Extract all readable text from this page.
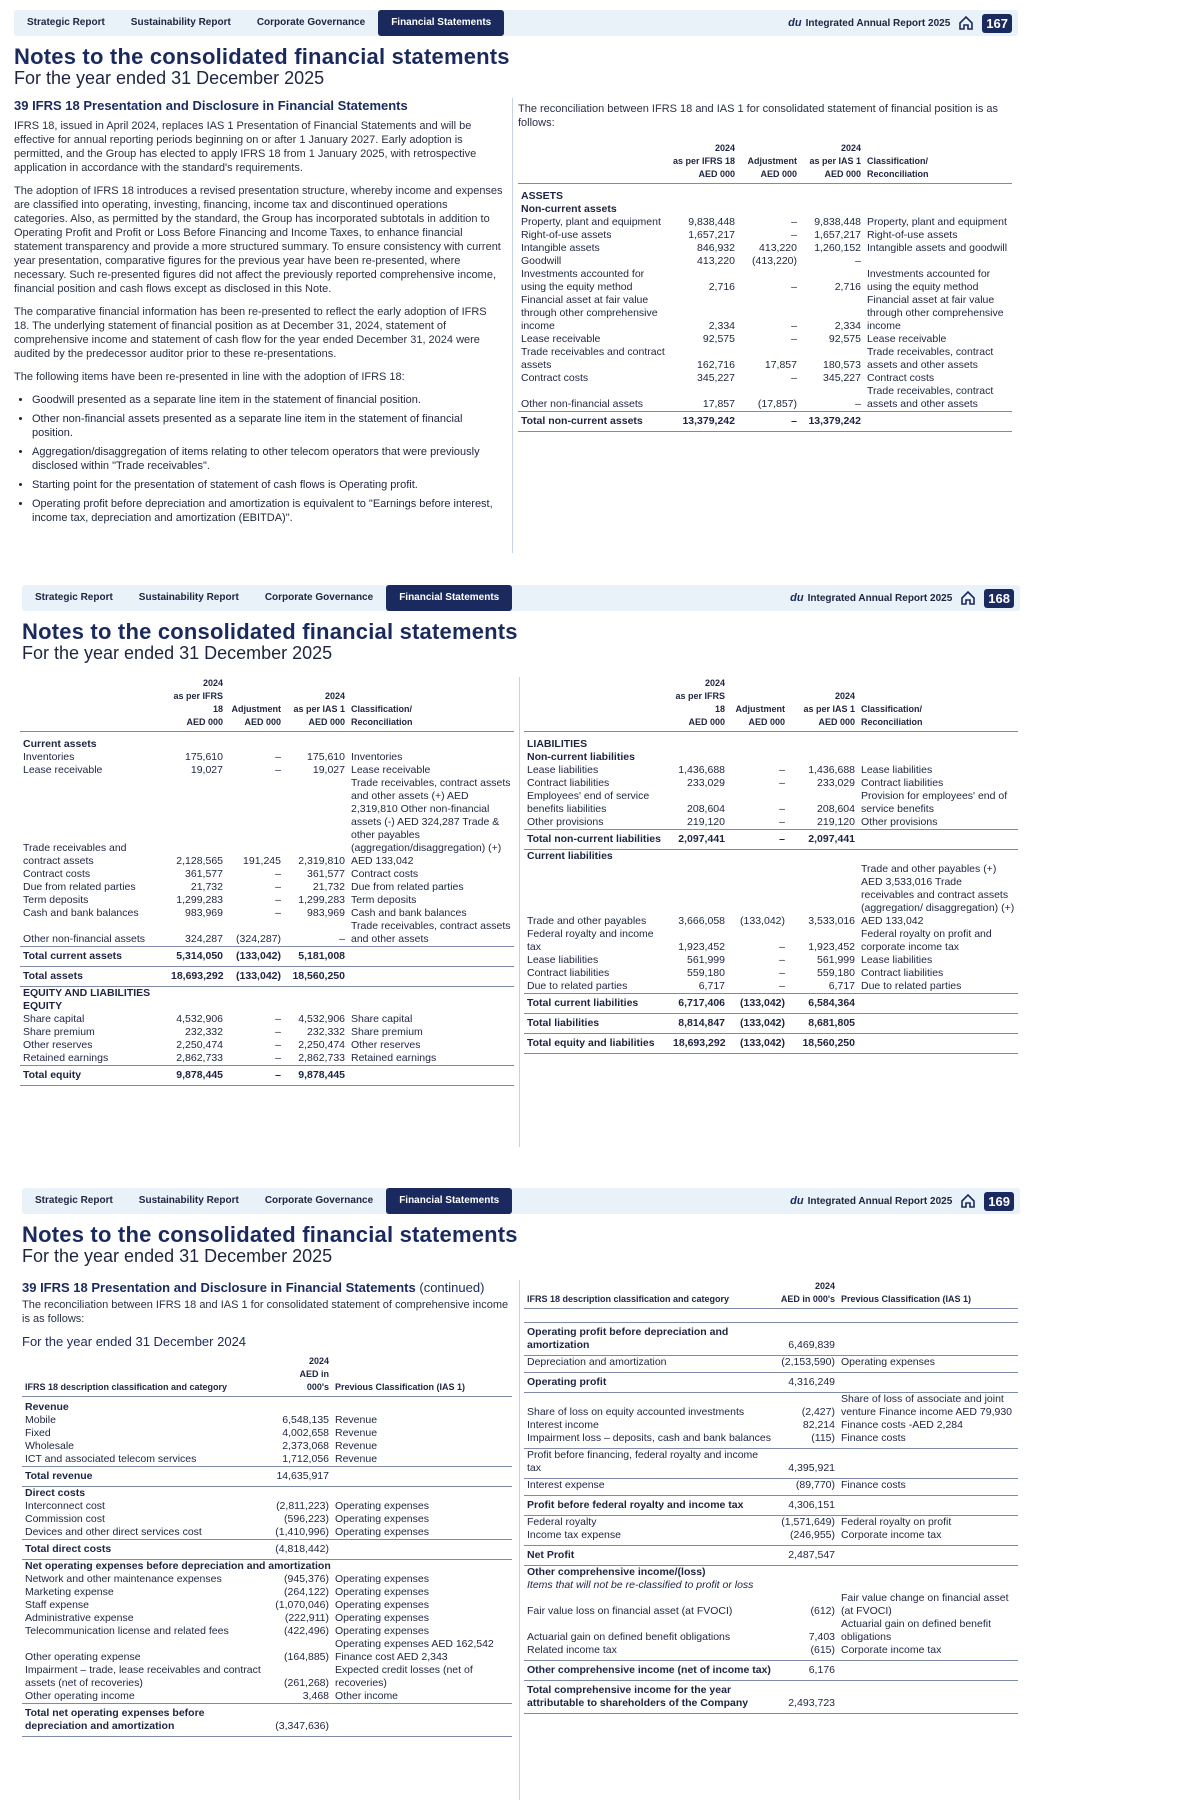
Strategic Report	Sustainability Report	Corporate Governance	Financial Statements	du Integrated Annual Report 2025	167
Notes to the consolidated financial statements
For the year ended 31 December 2025
39 IFRS 18 Presentation and Disclosure in Financial Statements

IFRS 18, issued in April 2024, replaces IAS 1 Presentation of Financial Statements and will be effective for annual reporting periods beginning on or after 1 January 2027. Early adoption is permitted, and the Group has elected to apply IFRS 18 from 1 January 2025, with retrospective application in accordance with the standard's requirements.

The adoption of IFRS 18 introduces a revised presentation structure, whereby income and expenses are classified into operating, investing, financing, income tax and discontinued operations categories. Also, as permitted by the standard, the Group has incorporated subtotals in addition to Operating Profit and Profit or Loss Before Financing and Income Taxes, to enhance financial statement transparency and provide a more structured summary. To ensure consistency with current year presentation, comparative figures for the previous year have been re-presented, where necessary. Such re-presented figures did not affect the previously reported comprehensive income, financial position and cash flows except as disclosed in this Note.

The comparative financial information has been re-presented to reflect the early adoption of IFRS 18. The underlying statement of financial position as at December 31, 2024, statement of comprehensive income and statement of cash flow for the year ended December 31, 2024 were audited by the predecessor auditor prior to these re-presentations.

The following items have been re-presented in line with the adoption of IFRS 18:

• Goodwill presented as a separate line item in the statement of financial position.
• Other non-financial assets presented as a separate line item in the statement of financial position.
• Aggregation/disaggregation of items relating to other telecom operators that were previously disclosed within "Trade receivables".
• Starting point for the presentation of statement of cash flows is Operating profit.
• Operating profit before depreciation and amortization is equivalent to "Earnings before interest, income tax, depreciation and amortization (EBITDA)".
The reconciliation between IFRS 18 and IAS 1 for consolidated statement of financial position is as follows:
	2024
as per IFRS 18
AED 000	Adjustment
AED 000	2024
as per IAS 1
AED 000	Classification/
Reconciliation

ASSETS				
Non-current assets				
Property, plant and equipment	9,838,448	–	9,838,448	Property, plant and equipment
Right-of-use assets	1,657,217	–	1,657,217	Right-of-use assets
Intangible assets	846,932	413,220	1,260,152	Intangible assets and goodwill
Goodwill	413,220	(413,220)	–	
Investments accounted for using the equity method	2,716	–	2,716	Investments accounted for using the equity method
Financial asset at fair value through other comprehensive income	2,334	–	2,334	Financial asset at fair value through other comprehensive income
Lease receivable	92,575	–	92,575	Lease receivable
Trade receivables and contract assets	162,716	17,857	180,573	Trade receivables, contract assets and other assets
Contract costs	345,227	–	345,227	Contract costs
Other non-financial assets	17,857	(17,857)	–	Trade receivables, contract assets and other assets
Total non-current assets	13,379,242	–	13,379,242	
Strategic Report	Sustainability Report	Corporate Governance	Financial Statements	du Integrated Annual Report 2025	168
Notes to the consolidated financial statements
For the year ended 31 December 2025
	2024
as per IFRS 18
AED 000	Adjustment
AED 000	2024
as per IAS 1
AED 000	Classification/
Reconciliation

Current assets				
Inventories	175,610	–	175,610	Inventories
Lease receivable	19,027	–	19,027	Lease receivable
Trade receivables and contract assets	2,128,565	191,245	2,319,810	Trade receivables, contract assets and other assets (+) AED 2,319,810 Other non-financial assets (-) AED 324,287 Trade & other payables (aggregation/disaggregation) (+) AED 133,042
Contract costs	361,577	–	361,577	Contract costs
Due from related parties	21,732	–	21,732	Due from related parties
Term deposits	1,299,283	–	1,299,283	Term deposits
Cash and bank balances	983,969	–	983,969	Cash and bank balances
Other non-financial assets	324,287	(324,287)	–	Trade receivables, contract assets and other assets
Total current assets	5,314,050	(133,042)	5,181,008	
Total assets	18,693,292	(133,042)	18,560,250	
EQUITY AND LIABILITIES				
EQUITY				
Share capital	4,532,906	–	4,532,906	Share capital
Share premium	232,332	–	232,332	Share premium
Other reserves	2,250,474	–	2,250,474	Other reserves
Retained earnings	2,862,733	–	2,862,733	Retained earnings
Total equity	9,878,445	–	9,878,445	
	2024
as per IFRS 18
AED 000	Adjustment
AED 000	2024
as per IAS 1
AED 000	Classification/
Reconciliation

LIABILITIES				
Non-current liabilities				
Lease liabilities	1,436,688	–	1,436,688	Lease liabilities
Contract liabilities	233,029	–	233,029	Contract liabilities
Employees' end of service benefits liabilities	208,604	–	208,604	Provision for employees' end of service benefits
Other provisions	219,120	–	219,120	Other provisions
Total non-current liabilities	2,097,441	–	2,097,441	
Current liabilities				
Trade and other payables	3,666,058	(133,042)	3,533,016	Trade and other payables (+) AED 3,533,016 Trade receivables and contract assets (aggregation/ disaggregation) (+) AED 133,042
Federal royalty and income tax	1,923,452	–	1,923,452	Federal royalty on profit and corporate income tax
Lease liabilities	561,999	–	561,999	Lease liabilities
Contract liabilities	559,180	–	559,180	Contract liabilities
Due to related parties	6,717	–	6,717	Due to related parties
Total current liabilities	6,717,406	(133,042)	6,584,364	
Total liabilities	8,814,847	(133,042)	8,681,805	
Total equity and liabilities	18,693,292	(133,042)	18,560,250	
Strategic Report	Sustainability Report	Corporate Governance	Financial Statements	du Integrated Annual Report 2025	169
Notes to the consolidated financial statements
For the year ended 31 December 2025
39 IFRS 18 Presentation and Disclosure in Financial Statements (continued)
The reconciliation between IFRS 18 and IAS 1 for consolidated statement of comprehensive income is as follows:
For the year ended 31 December 2024
IFRS 18 description classification and category	2024
AED in 000's	Previous Classification (IAS 1)

Revenue		
Mobile	6,548,135	Revenue
Fixed	4,002,658	Revenue
Wholesale	2,373,068	Revenue
ICT and associated telecom services	1,712,056	Revenue
Total revenue	14,635,917	
Direct costs		
Interconnect cost	(2,811,223)	Operating expenses
Commission cost	(596,223)	Operating expenses
Devices and other direct services cost	(1,410,996)	Operating expenses
Total direct costs	(4,818,442)	
Net operating expenses before depreciation and amortization		
Network and other maintenance expenses	(945,376)	Operating expenses
Marketing expense	(264,122)	Operating expenses
Staff expense	(1,070,046)	Operating expenses
Administrative expense	(222,911)	Operating expenses
Telecommunication license and related fees	(422,496)	Operating expenses
Other operating expense	(164,885)	Operating expenses AED 162,542 Finance cost AED 2,343
Impairment – trade, lease receivables and contract assets (net of recoveries)	(261,268)	Expected credit losses (net of recoveries)
Other operating income	3,468	Other income
Total net operating expenses before depreciation and amortization	(3,347,636)	
IFRS 18 description classification and category	2024
AED in 000's	Previous Classification (IAS 1)

Operating profit before depreciation and amortization	6,469,839	
Depreciation and amortization	(2,153,590)	Operating expenses
Operating profit	4,316,249	
Share of loss on equity accounted investments	(2,427)	Share of loss of associate and joint venture Finance income AED 79,930
Interest income	82,214	Finance costs -AED 2,284
Impairment loss – deposits, cash and bank balances	(115)	Finance costs
Profit before financing, federal royalty and income tax	4,395,921	
Interest expense	(89,770)	Finance costs
Profit before federal royalty and income tax	4,306,151	
Federal royalty	(1,571,649)	Federal royalty on profit
Income tax expense	(246,955)	Corporate income tax
Net Profit	2,487,547	
Other comprehensive income/(loss)		
Items that will not be re-classified to profit or loss		
Fair value loss on financial asset (at FVOCI)	(612)	Fair value change on financial asset (at FVOCI)
Actuarial gain on defined benefit obligations	7,403	Actuarial gain on defined benefit obligations
Related income tax	(615)	Corporate income tax
Other comprehensive income (net of income tax)	6,176	
Total comprehensive income for the year attributable to shareholders of the Company	2,493,723	
